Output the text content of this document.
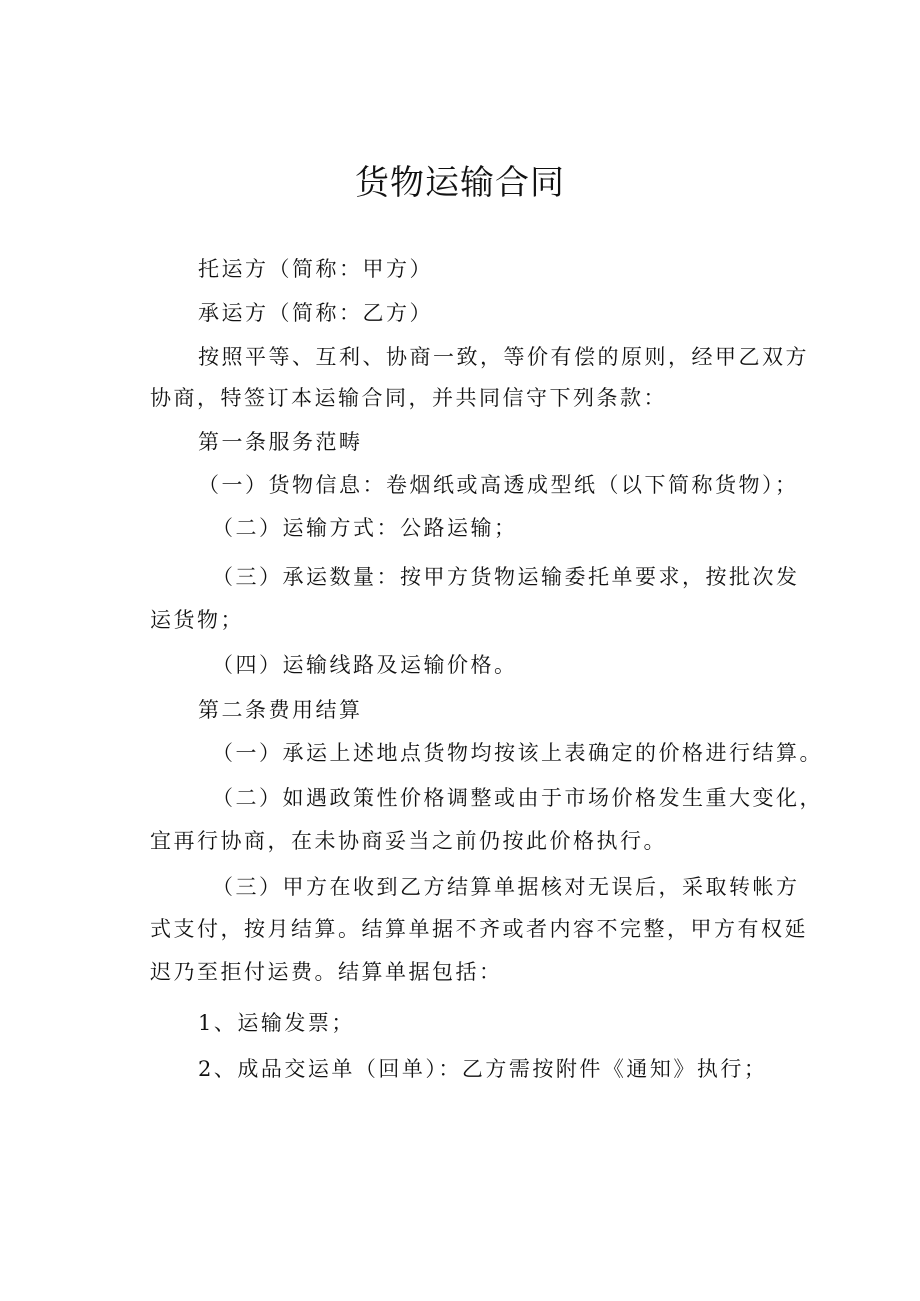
货物运输合同
托运方（简称：甲方）
承运方（简称：乙方）
按照平等、互利、协商一致，等价有偿的原则，经甲乙双方
协商，特签订本运输合同，并共同信守下列条款：
第一条服务范畴
（一）货物信息：卷烟纸或高透成型纸（以下简称货物）；
（二）运输方式：公路运输；
（三）承运数量：按甲方货物运输委托单要求，按批次发
运货物；
（四）运输线路及运输价格。
第二条费用结算
（一）承运上述地点货物均按该上表确定的价格进行结算。
（二）如遇政策性价格调整或由于市场价格发生重大变化，
宜再行协商，在未协商妥当之前仍按此价格执行。
（三）甲方在收到乙方结算单据核对无误后，采取转帐方
式支付，按月结算。结算单据不齐或者内容不完整，甲方有权延
迟乃至拒付运费。结算单据包括：
1、运输发票；
2、成品交运单（回单）：乙方需按附件《通知》执行；
